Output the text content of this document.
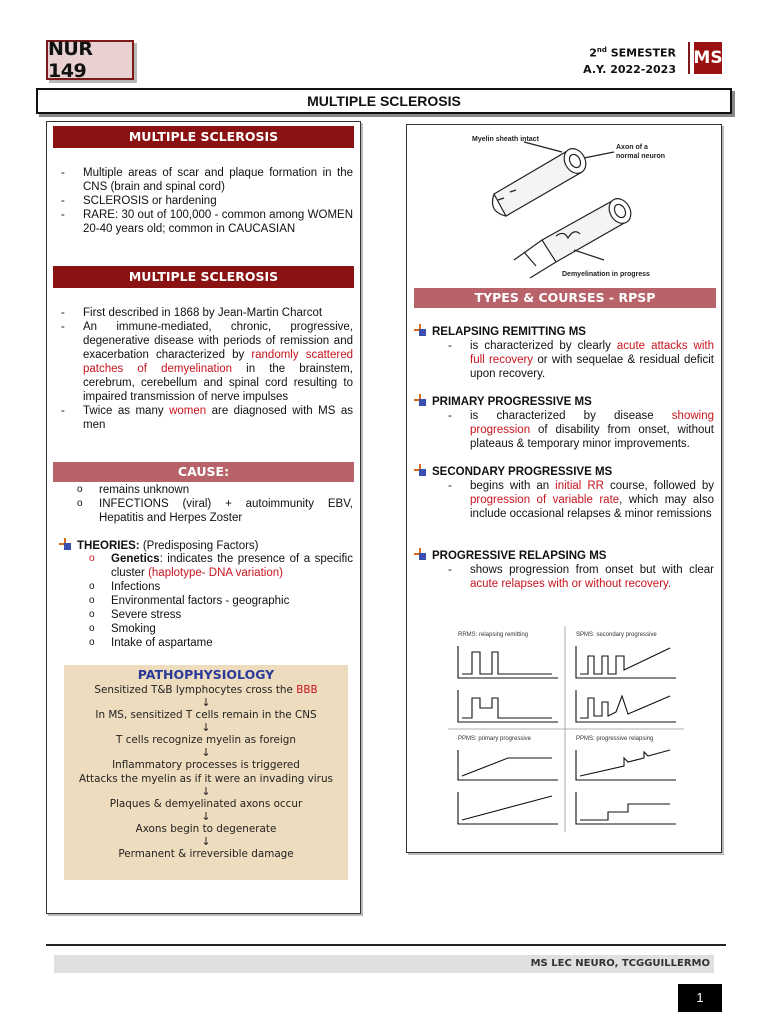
NUR 149
2nd SEMESTER
A.Y. 2022-2023
MS
MULTIPLE SCLEROSIS
MULTIPLE SCLEROSIS
- Multiple areas of scar and plaque formation in the CNS (brain and spinal cord)
- SCLEROSIS or hardening
- RARE: 30 out of 100,000 - common among WOMEN 20-40 years old; common in CAUCASIAN
MULTIPLE SCLEROSIS
- First described in 1868 by Jean-Martin Charcot
- An immune-mediated, chronic, progressive, degenerative disease with periods of remission and exacerbation characterized by randomly scattered patches of demyelination in the brainstem, cerebrum, cerebellum and spinal cord resulting to impaired transmission of nerve impulses
- Twice as many women are diagnosed with MS as men
CAUSE:
o remains unknown
o INFECTIONS (viral) + autoimmunity EBV, Hepatitis and Herpes Zoster
THEORIES: (Predisposing Factors)
o Genetics: indicates the presence of a specific cluster (haplotype- DNA variation)
o Infections
o Environmental factors - geographic
o Severe stress
o Smoking
o Intake of aspartame
PATHOPHYSIOLOGY
Sensitized T&B lymphocytes cross the BBB
↓
In MS, sensitized T cells remain in the CNS
↓
T cells recognize myelin as foreign
↓
Inflammatory processes is triggered
Attacks the myelin as if it were an invading virus
↓
Plaques & demyelinated axons occur
↓
Axons begin to degenerate
↓
Permanent & irreversible damage
Myelin sheath intact
Axon of a
normal neuron
Demyelination in progress
TYPES & COURSES - RPSP
RELAPSING REMITTING MS
- is characterized by clearly acute attacks with full recovery or with sequelae & residual deficit upon recovery.
PRIMARY PROGRESSIVE MS
- is characterized by disease showing progression of disability from onset, without plateaus & temporary minor improvements.
SECONDARY PROGRESSIVE MS
- begins with an initial RR course, followed by progression of variable rate, which may also include occasional relapses & minor remissions
PROGRESSIVE RELAPSING MS
- shows progression from onset but with clear acute relapses with or without recovery.
RRMS: relapsing remitting	SPMS: secondary progressive
PPMS: primary progressive	PPMS: progressive relapsing
MS LEC NEURO, TCGGUILLERMO
1
